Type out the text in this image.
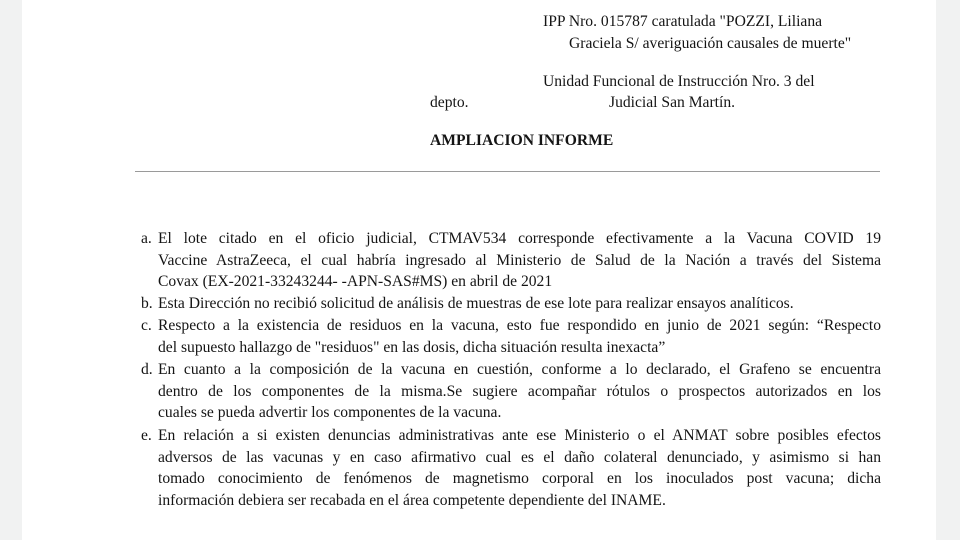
IPP Nro. 015787 caratulada "POZZI, Liliana
Graciela S/ averiguación causales de muerte"
Unidad Funcional de Instrucción Nro. 3 del
depto.	Judicial San Martín.
AMPLIACION INFORME
a. El lote citado en el oficio judicial, CTMAV534 corresponde efectivamente a la Vacuna COVID 19
Vaccine AstraZeeca, el cual habría ingresado al Ministerio de Salud de la Nación a través del Sistema
Covax (EX-2021-33243244- -APN-SAS#MS) en abril de 2021
b. Esta Dirección no recibió solicitud de análisis de muestras de ese lote para realizar ensayos analíticos.
c. Respecto a la existencia de residuos en la vacuna, esto fue respondido en junio de 2021 según: “Respecto
del supuesto hallazgo de "residuos" en las dosis, dicha situación resulta inexacta”
d. En cuanto a la composición de la vacuna en cuestión, conforme a lo declarado, el Grafeno se encuentra
dentro de los componentes de la misma.Se sugiere acompañar rótulos o prospectos autorizados en los
cuales se pueda advertir los componentes de la vacuna.
e. En relación a si existen denuncias administrativas ante ese Ministerio o el ANMAT sobre posibles efectos
adversos de las vacunas y en caso afirmativo cual es el daño colateral denunciado, y asimismo si han
tomado conocimiento de fenómenos de magnetismo corporal en los inoculados post vacuna; dicha
información debiera ser recabada en el área competente dependiente del INAME.
